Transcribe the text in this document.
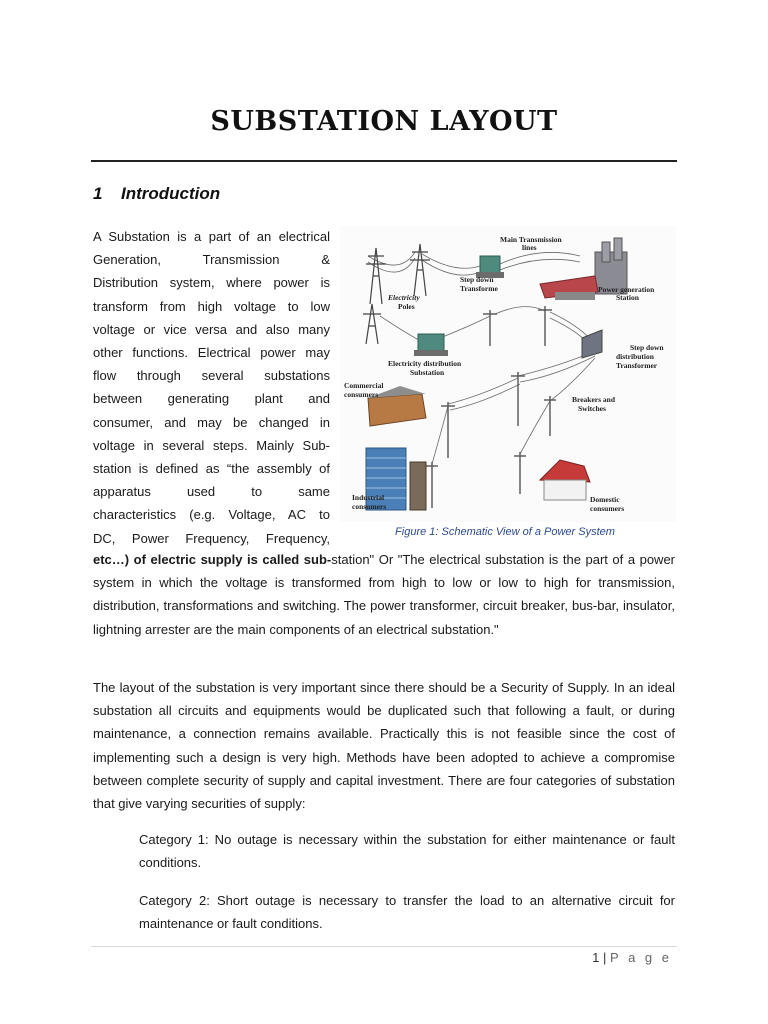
SUBSTATION LAYOUT
1 Introduction
A Substation is a part of an electrical
Generation, Transmission &
Distribution system, where power is
transform from high voltage to low
voltage or vice versa and also many
other functions. Electrical power may
flow through several substations
between generating plant and
consumer, and may be changed in
voltage in several steps. Mainly Sub-
station is defined as “the assembly of
apparatus used to same
characteristics (e.g. Voltage, AC to
DC, Power Frequency, Frequency,
Main Transmission
lines
Step down
Transforme	Power generation
Station
Electricity
Poles
Electricity distribution
Substation
Step down
distribution
Transformer
Commercial
consumers
Breakers and
Switches
Industrial
consumers
Domestic
consumers
Figure 1: Schematic View of a Power System
etc…) of electric supply is called sub-station" Or "The electrical substation is the part of a power system in which the voltage is transformed from high to low or low to high for transmission, distribution, transformations and switching. The power transformer, circuit breaker, bus-bar, insulator, lightning arrester are the main components of an electrical substation."
The layout of the substation is very important since there should be a Security of Supply. In an ideal substation all circuits and equipments would be duplicated such that following a fault, or during maintenance, a connection remains available. Practically this is not feasible since the cost of implementing such a design is very high. Methods have been adopted to achieve a compromise between complete security of supply and capital investment. There are four categories of substation that give varying securities of supply:
Category 1: No outage is necessary within the substation for either maintenance or fault conditions.
Category 2: Short outage is necessary to transfer the load to an alternative circuit for maintenance or fault conditions.
1 | P a g e
